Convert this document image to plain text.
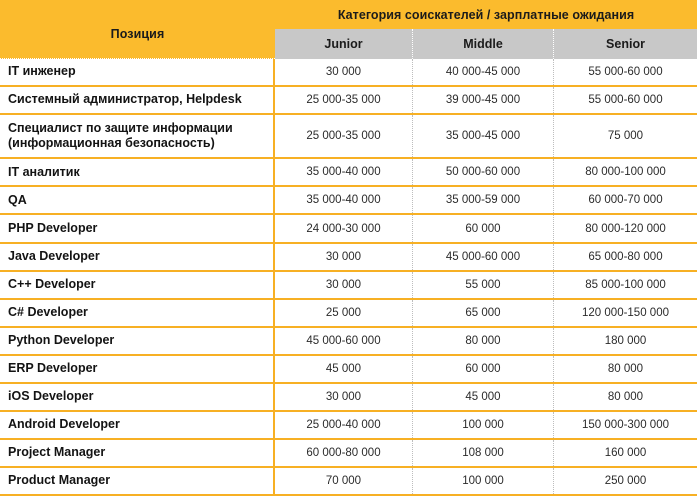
Позиция
Категория соискателей / зарплатные ожидания
Junior	Middle	Senior
IT инженер	30 000	40 000-45 000	55 000-60 000
Системный администратор, Helpdesk	25 000-35 000	39 000-45 000	55 000-60 000
Специалист по защите информации
(информационная безопасность)	25 000-35 000	35 000-45 000	75 000
IT аналитик	35 000-40 000	50 000-60 000	80 000-100 000
QA	35 000-40 000	35 000-59 000	60 000-70 000
PHP Developer	24 000-30 000	60 000	80 000-120 000
Java Developer	30 000	45 000-60 000	65 000-80 000
C++ Developer	30 000	55 000	85 000-100 000
C# Developer	25 000	65 000	120 000-150 000
Python Developer	45 000-60 000	80 000	180 000
ERP Developer	45 000	60 000	80 000
iOS Developer	30 000	45 000	80 000
Android Developer	25 000-40 000	100 000	150 000-300 000
Project Manager	60 000-80 000	108 000	160 000
Product Manager	70 000	100 000	250 000
